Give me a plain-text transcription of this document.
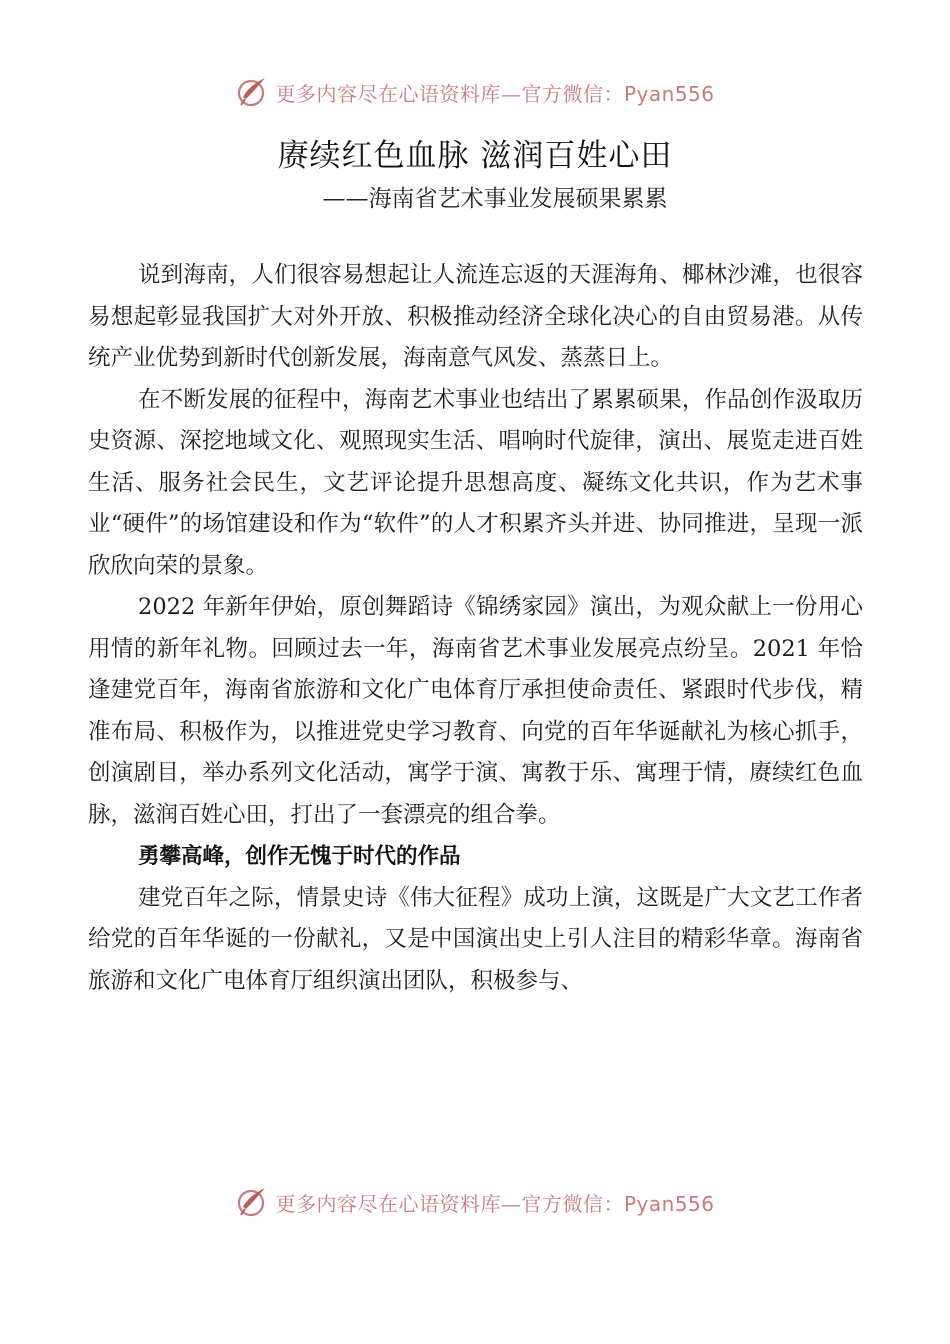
更多内容尽在心语资料库—官方微信：Pyan556
赓续红色血脉 滋润百姓心田
——海南省艺术事业发展硕果累累

说到海南，人们很容易想起让人流连忘返的天涯海角、椰林沙滩，也很容易想起彰显我国扩大对外开放、积极推动经济全球化决心的自由贸易港。从传统产业优势到新时代创新发展，海南意气风发、蒸蒸日上。

在不断发展的征程中，海南艺术事业也结出了累累硕果，作品创作汲取历史资源、深挖地域文化、观照现实生活、唱响时代旋律，演出、展览走进百姓生活、服务社会民生，文艺评论提升思想高度、凝练文化共识，作为艺术事业“硬件”的场馆建设和作为“软件”的人才积累齐头并进、协同推进，呈现一派欣欣向荣的景象。

2022 年新年伊始，原创舞蹈诗《锦绣家园》演出，为观众献上一份用心用情的新年礼物。回顾过去一年，海南省艺术事业发展亮点纷呈。2021 年恰逢建党百年，海南省旅游和文化广电体育厅承担使命责任、紧跟时代步伐，精准布局、积极作为，以推进党史学习教育、向党的百年华诞献礼为核心抓手，创演剧目，举办系列文化活动，寓学于演、寓教于乐、寓理于情，赓续红色血脉，滋润百姓心田，打出了一套漂亮的组合拳。

勇攀高峰，创作无愧于时代的作品

建党百年之际，情景史诗《伟大征程》成功上演，这既是广大文艺工作者给党的百年华诞的一份献礼，又是中国演出史上引人注目的精彩华章。海南省旅游和文化广电体育厅组织演出团队，积极参与、

更多内容尽在心语资料库—官方微信：Pyan556
